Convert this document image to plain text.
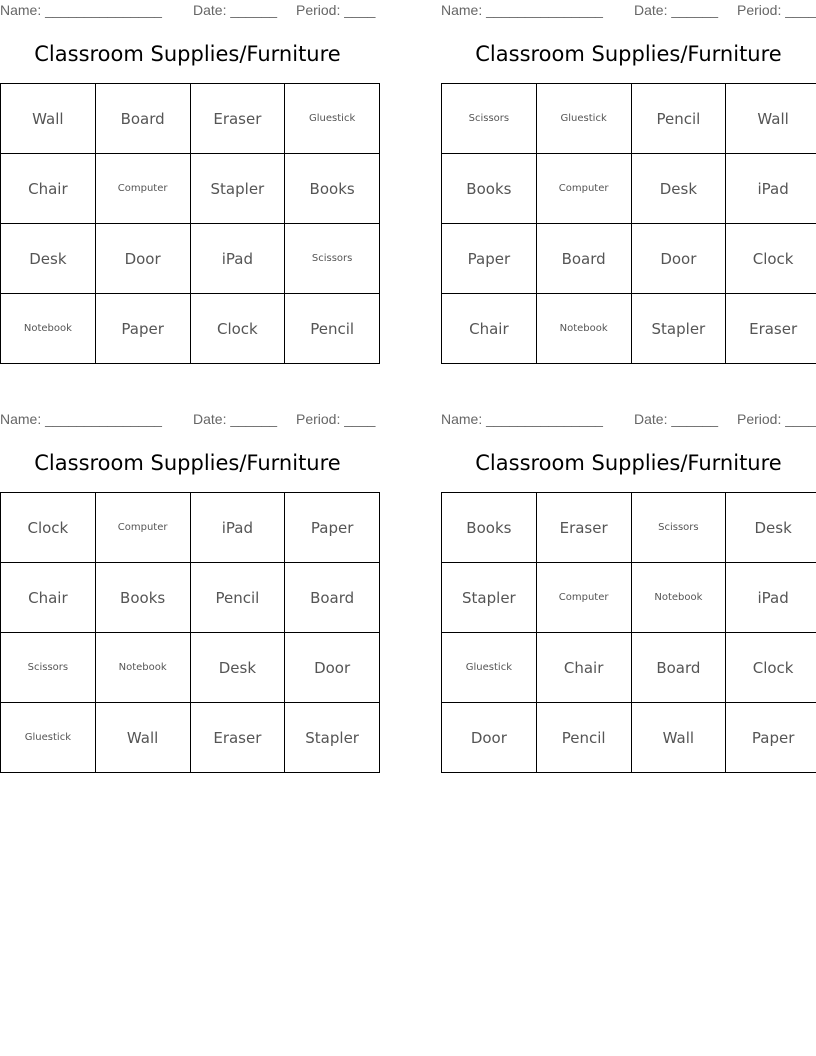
Name: _______________ Date: ______ Period: ____
Classroom Supplies/Furniture
Wall	Board	Eraser	Gluestick
Chair	Computer	Stapler	Books
Desk	Door	iPad	Scissors
Notebook	Paper	Clock	Pencil
Name: _______________ Date: ______ Period: ____
Classroom Supplies/Furniture
Scissors	Gluestick	Pencil	Wall
Books	Computer	Desk	iPad
Paper	Board	Door	Clock
Chair	Notebook	Stapler	Eraser
Name: _______________ Date: ______ Period: ____
Classroom Supplies/Furniture
Clock	Computer	iPad	Paper
Chair	Books	Pencil	Board
Scissors	Notebook	Desk	Door
Gluestick	Wall	Eraser	Stapler
Name: _______________ Date: ______ Period: ____
Classroom Supplies/Furniture
Books	Eraser	Scissors	Desk
Stapler	Computer	Notebook	iPad
Gluestick	Chair	Board	Clock
Door	Pencil	Wall	Paper
